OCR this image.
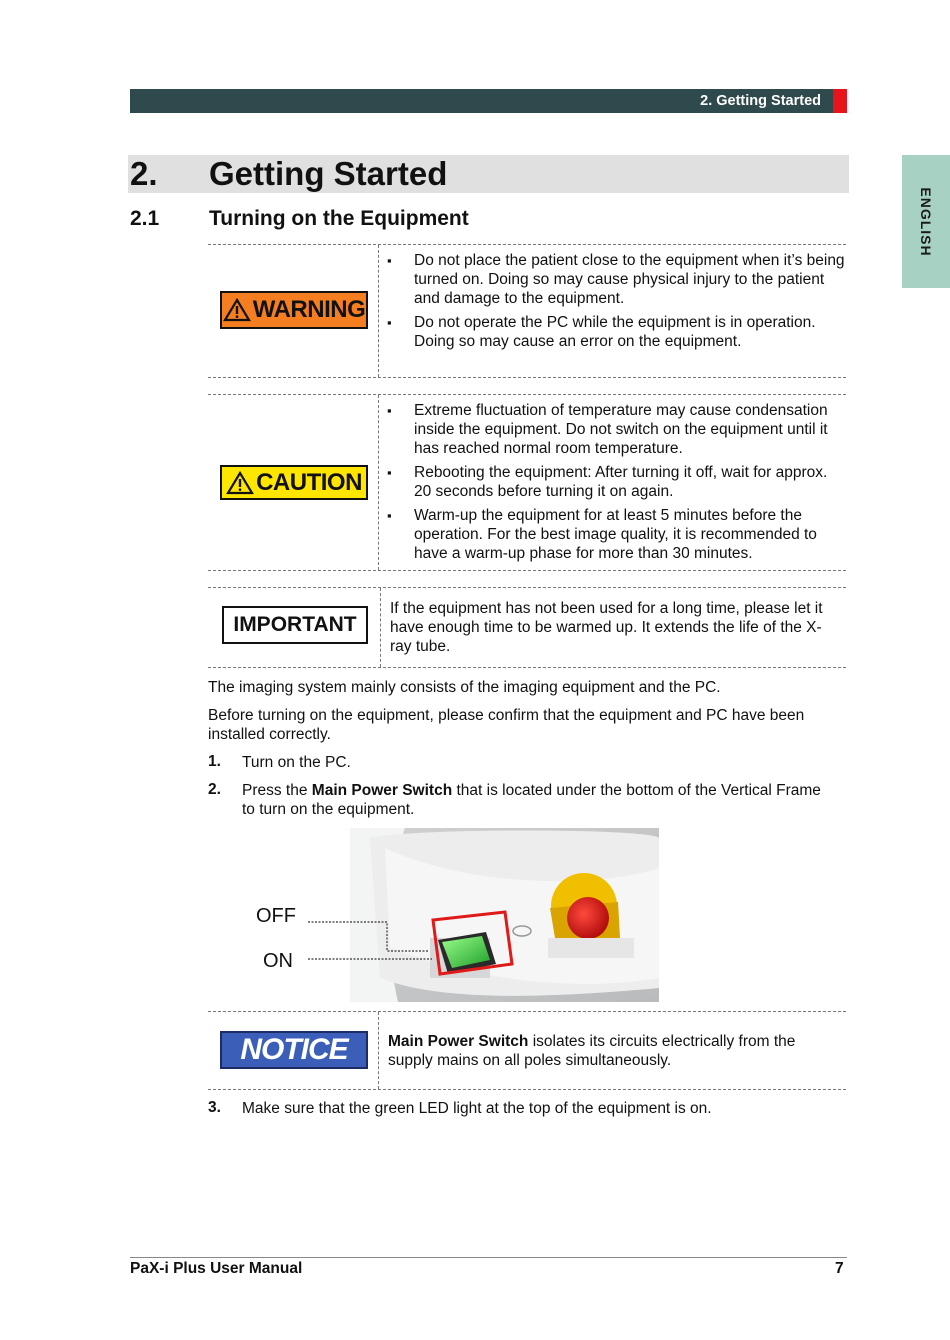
2. Getting Started
ENGLISH
2. Getting Started
2.1 Turning on the Equipment
WARNING
▪ Do not place the patient close to the equipment when it’s being turned on. Doing so may cause physical injury to the patient and damage to the equipment.
▪ Do not operate the PC while the equipment is in operation. Doing so may cause an error on the equipment.
CAUTION
▪ Extreme fluctuation of temperature may cause condensation inside the equipment. Do not switch on the equipment until it has reached normal room temperature.
▪ Rebooting the equipment: After turning it off, wait for approx. 20 seconds before turning it on again.
▪ Warm-up the equipment for at least 5 minutes before the operation. For the best image quality, it is recommended to have a warm-up phase for more than 30 minutes.
IMPORTANT
If the equipment has not been used for a long time, please let it have enough time to be warmed up. It extends the life of the X-ray tube.
The imaging system mainly consists of the imaging equipment and the PC.
Before turning on the equipment, please confirm that the equipment and PC have been installed correctly.
1. Turn on the PC.
2. Press the Main Power Switch that is located under the bottom of the Vertical Frame to turn on the equipment.
OFF
ON
NOTICE	Main Power Switch isolates its circuits electrically from the supply mains on all poles simultaneously.
3. Make sure that the green LED light at the top of the equipment is on.
PaX-i Plus User Manual	7
